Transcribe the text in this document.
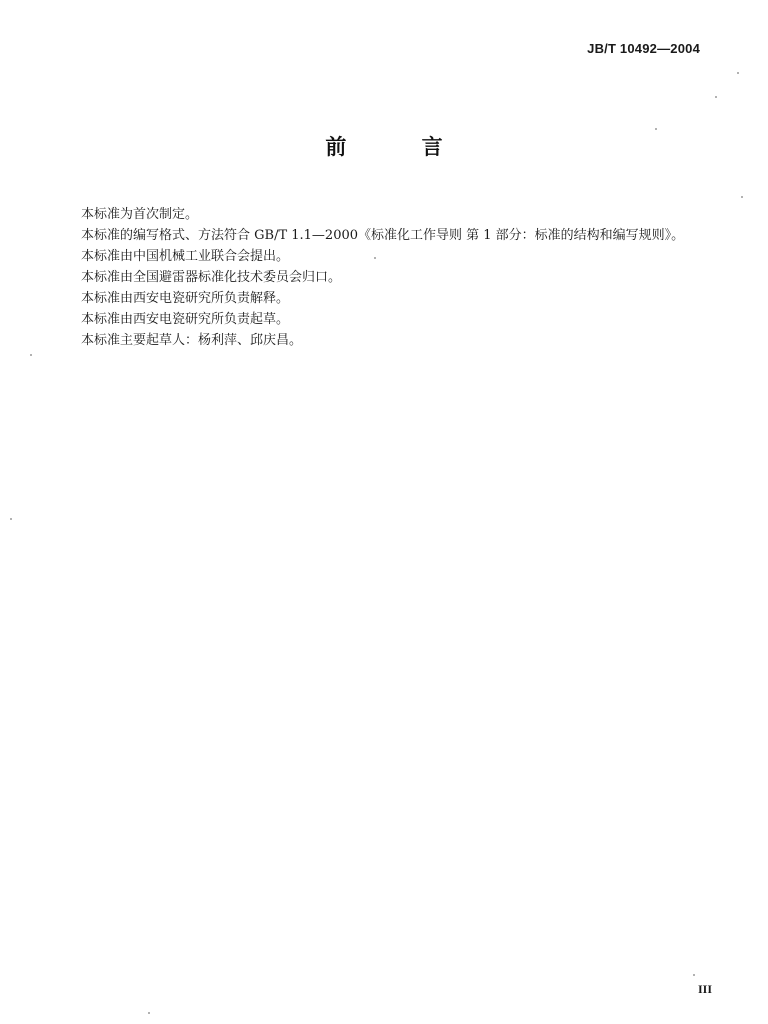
JB/T 10492—2004
前 言

本标准为首次制定。

本标准的编写格式、方法符合 GB/T 1.1—2000《标准化工作导则 第 1 部分：标准的结构和编写规则》。

本标准由中国机械工业联合会提出。

本标准由全国避雷器标准化技术委员会归口。

本标准由西安电瓷研究所负责解释。

本标准由西安电瓷研究所负责起草。

本标准主要起草人：杨利萍、邱庆昌。

III
